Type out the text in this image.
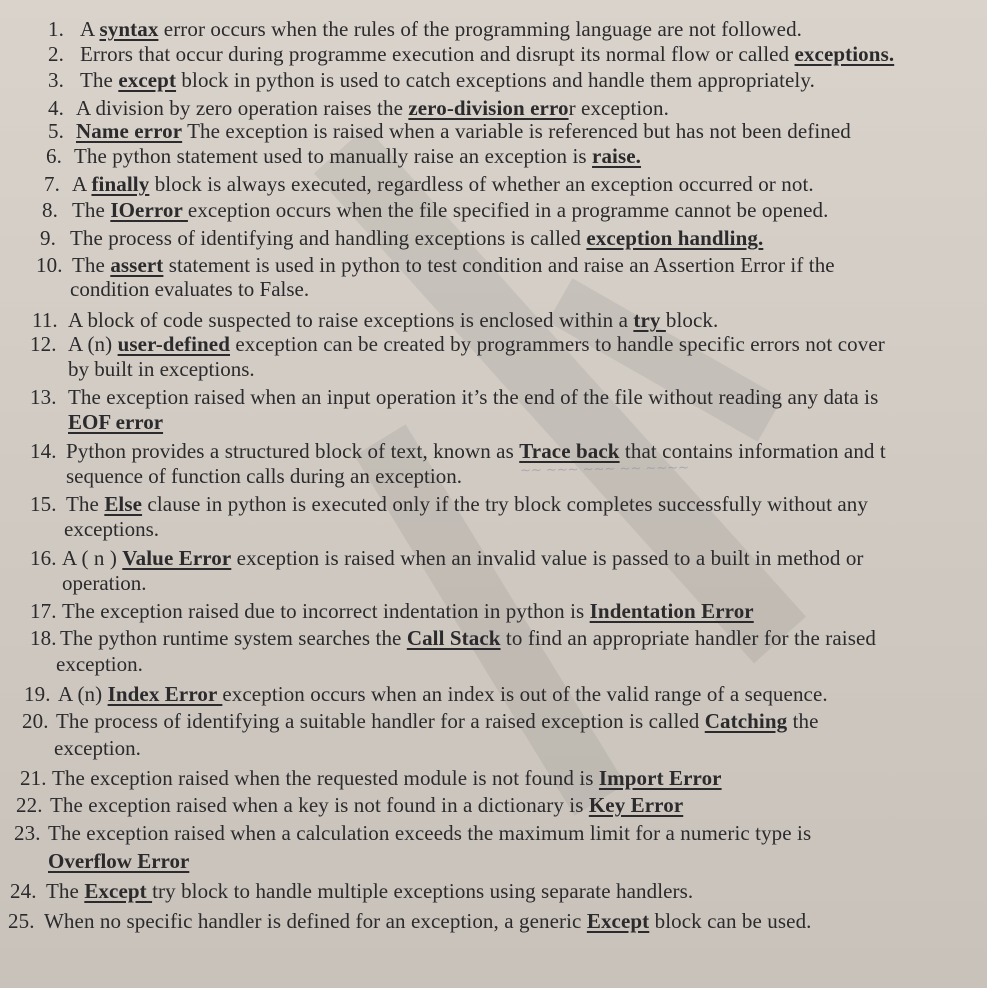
1. A syntax error occurs when the rules of the programming language are not followed.
2. Errors that occur during programme execution and disrupt its normal flow or called exceptions.
3. The except block in python is used to catch exceptions and handle them appropriately.
4. A division by zero operation raises the zero-division error exception.
5. Name error The exception is raised when a variable is referenced but has not been defined
6. The python statement used to manually raise an exception is raise.
7. A finally block is always executed, regardless of whether an exception occurred or not.
8. The IOerror exception occurs when the file specified in a programme cannot be opened.
9. The process of identifying and handling exceptions is called exception handling.
10. The assert statement is used in python to test condition and raise an Assertion Error if the
condition evaluates to False.
11. A block of code suspected to raise exceptions is enclosed within a try block.
12. A (n) user-defined exception can be created by programmers to handle specific errors not cover
by built in exceptions.
13. The exception raised when an input operation it’s the end of the file without reading any data is
EOF error
14. Python provides a structured block of text, known as Trace back that contains information and t
sequence of function calls during an exception.
15. The Else clause in python is executed only if the try block completes successfully without any
exceptions.
16. A ( n ) Value Error exception is raised when an invalid value is passed to a built in method or
operation.
17. The exception raised due to incorrect indentation in python is Indentation Error
18. The python runtime system searches the Call Stack to find an appropriate handler for the raised
exception.
19. A (n) Index Error exception occurs when an index is out of the valid range of a sequence.
20. The process of identifying a suitable handler for a raised exception is called Catching the
exception.
21. The exception raised when the requested module is not found is Import Error
22. The exception raised when a key is not found in a dictionary is Key Error
23. The exception raised when a calculation exceeds the maximum limit for a numeric type is
Overflow Error
24. The Except try block to handle multiple exceptions using separate handlers.
25. When no specific handler is defined for an exception, a generic Except block can be used.
~~ ~~~ ~~~ ~~ ~~~~
